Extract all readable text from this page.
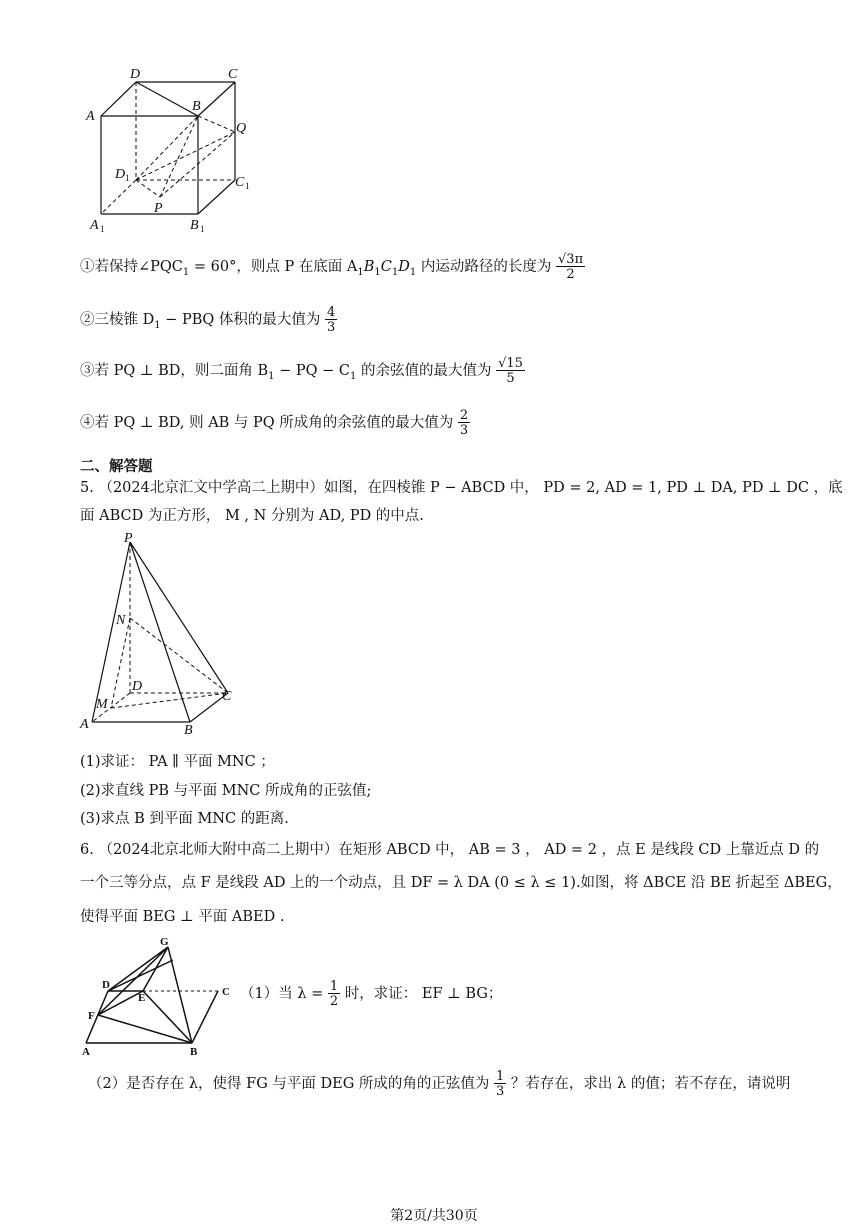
D	C
A
B
Q
D 1	C 1
A 1	B 1
P
①若保持$\angle PQC_1 = 60^\circ$，则点 P 在底面 $A_1B_1C_1D_1$ 内运动路径的长度为 $\frac{√3\pi}{2}$
②三棱锥 $D_1$ − PBQ 体积的最大值为 $\frac{4}{3}$
③若 PQ ⊥ BD，则二面角 $B_1$ − PQ − $C_1$ 的余弦值的最大值为 $\frac{√15}{5}$
④若 PQ ⊥ BD, 则 AB 与 PQ 所成角的余弦值的最大值为 $\frac{2}{3}$
二、解答题
5. （2024北京汇文中学高二上期中）如图，在四棱锥 P − ABCD 中， PD = 2, AD = 1, PD ⊥ DA, PD ⊥ DC ，底
面 ABCD 为正方形， M , N 分别为 AD, PD 的中点.
P
N
D
C
M
A	B
(1)求证： PA ∥ 平面 MNC ；
(2)求直线 PB 与平面 MNC 所成角的正弦值;
(3)求点 B 到平面 MNC 的距离.
6. （2024北京北师大附中高二上期中）在矩形 ABCD 中， AB = 3 ， AD = 2 ，点 E 是线段 CD 上靠近点 D 的
一个三等分点，点 F 是线段 AD 上的一个动点，且 DF = λ DA (0 ≤ λ ≤ 1).如图，将 ΔBCE 沿 BE 折起至 ΔBEG，
使得平面 BEG ⊥ 平面 ABED .
G
D
E	C
F
A	B
（1）当 $\lambda = \frac{1}{2}$ 时，求证： EF ⊥ BG；
（2）是否存在 λ，使得 FG 与平面 DEG 所成的角的正弦值为 $\frac{1}{3}$ ？若存在，求出 λ 的值；若不存在，请说明
第2页/共30页
